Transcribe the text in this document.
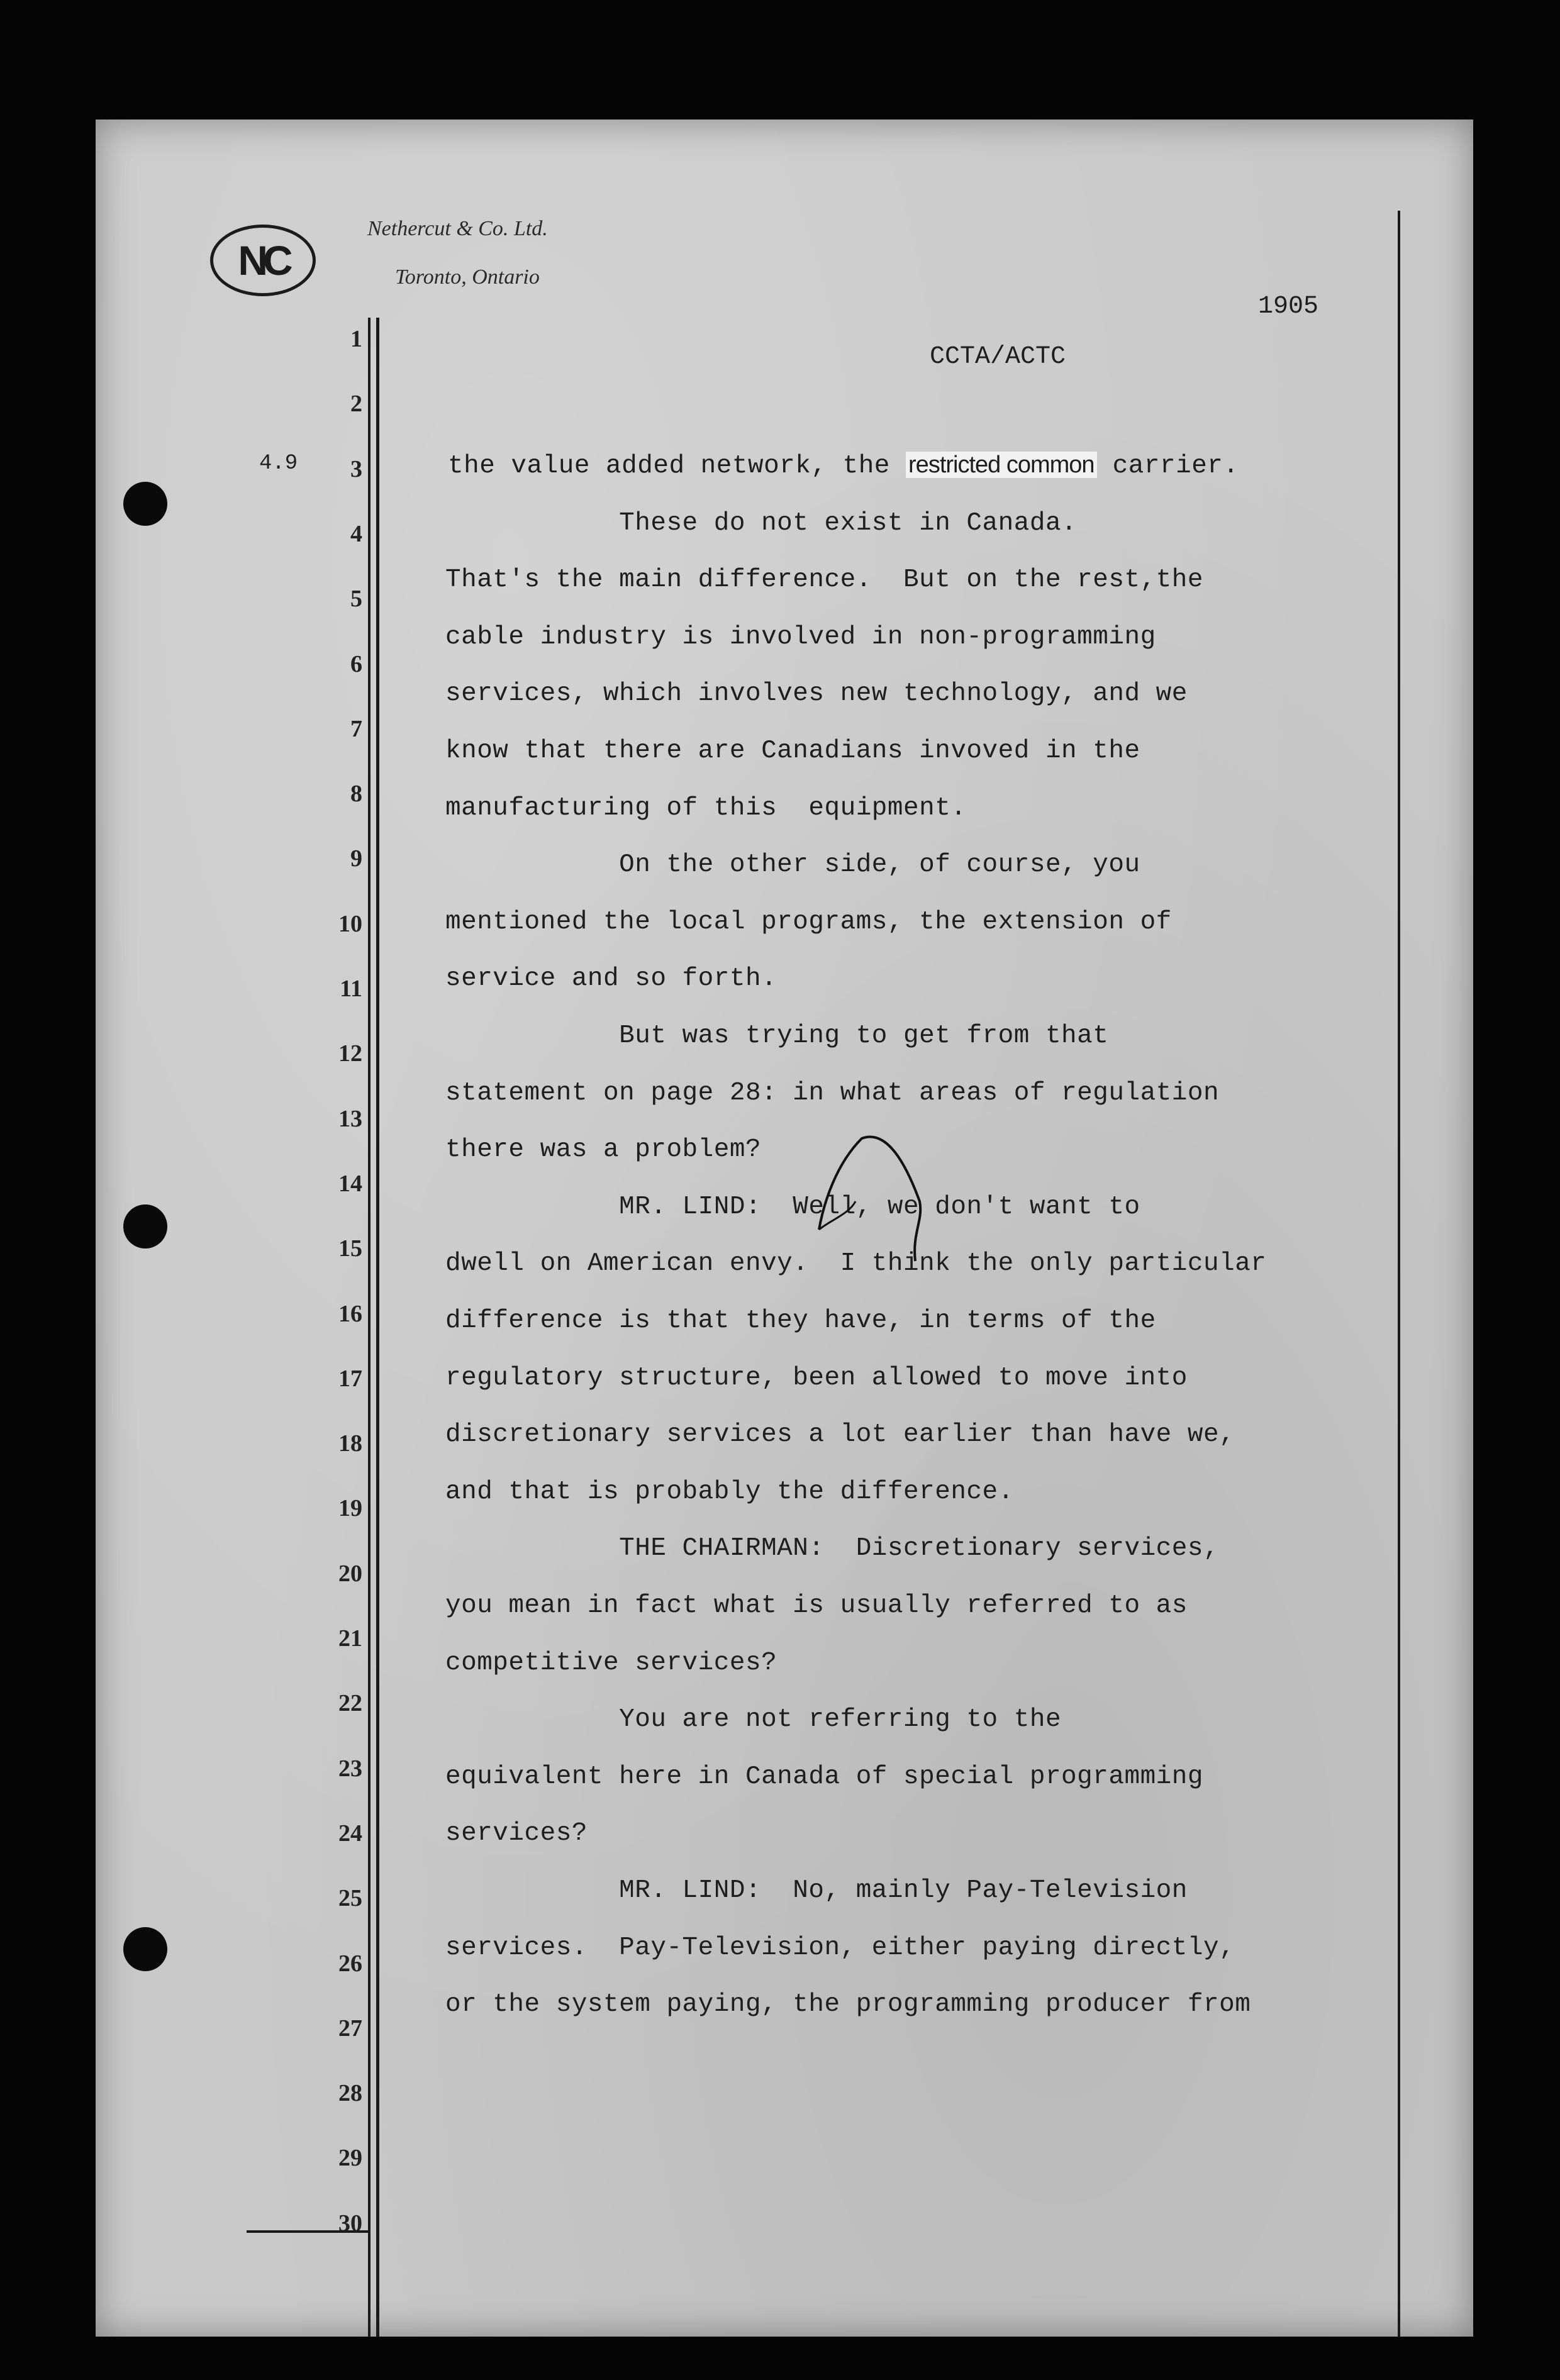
NC
Nethercut & Co. Ltd.
Toronto, Ontario
1905
CCTA/ACTC
4.9
1
2
3
4
5
6
7
8
9
10
11
12
13
14
15
16
17
18
19
20
21
22
23
24
25
26
27
28
29
30
the value added network, the restricted common carrier.
These do not exist in Canada.
That's the main difference.  But on the rest,the
cable industry is involved in non-programming
services, which involves new technology, and we
know that there are Canadians invoved in the
manufacturing of this  equipment.
On the other side, of course, you
mentioned the local programs, the extension of
service and so forth.
But was trying to get from that
statement on page 28: in what areas of regulation
there was a problem?
MR. LIND:  Well, we don't want to
dwell on American envy.  I think the only particular
difference is that they have, in terms of the
regulatory structure, been allowed to move into
discretionary services a lot earlier than have we,
and that is probably the difference.
THE CHAIRMAN:  Discretionary services,
you mean in fact what is usually referred to as
competitive services?
You are not referring to the
equivalent here in Canada of special programming
services?
MR. LIND:  No, mainly Pay-Television
services.  Pay-Television, either paying directly,
or the system paying, the programming producer from
